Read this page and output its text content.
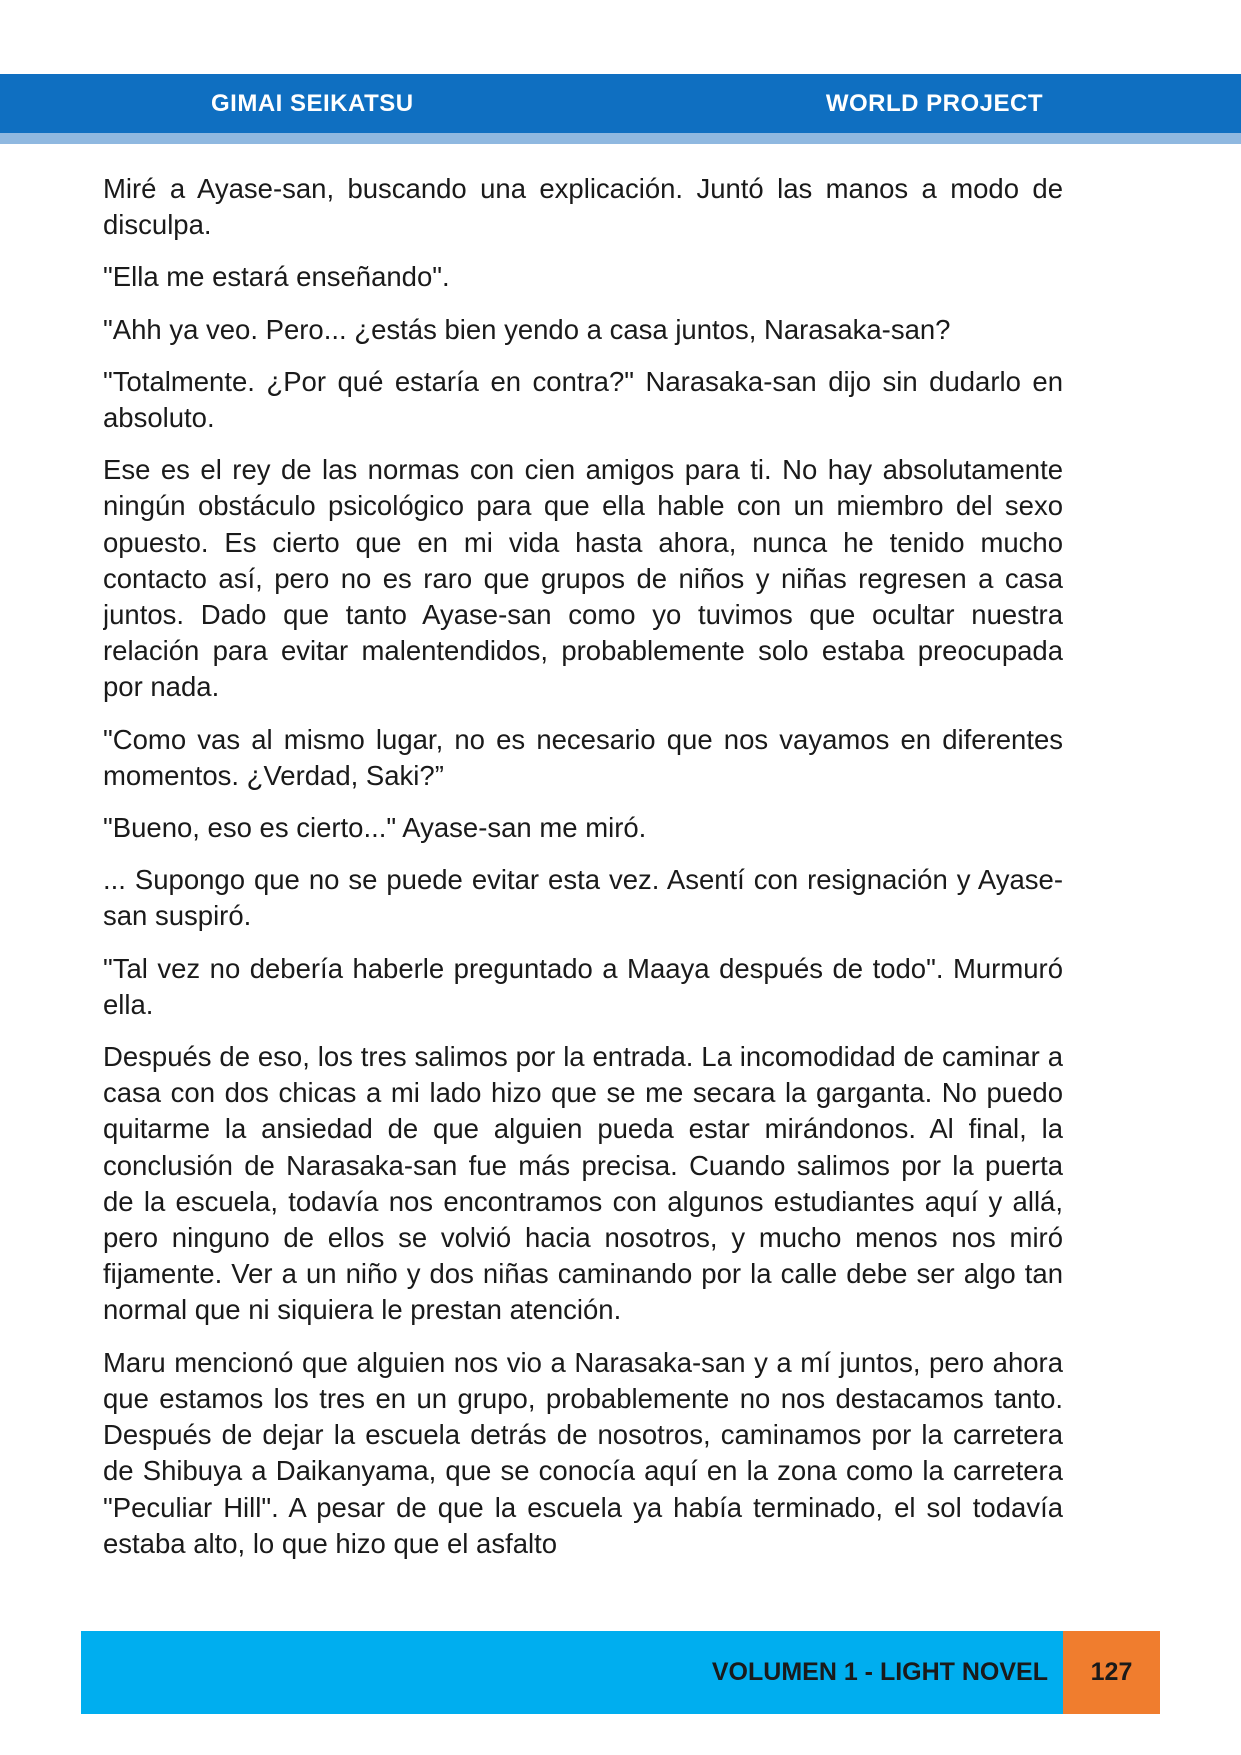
GIMAI SEIKATSU	WORLD PROJECT

Miré a Ayase-san, buscando una explicación. Juntó las manos a modo de disculpa.

"Ella me estará enseñando".

"Ahh ya veo. Pero... ¿estás bien yendo a casa juntos, Narasaka-san?

"Totalmente. ¿Por qué estaría en contra?" Narasaka-san dijo sin dudarlo en absoluto.

Ese es el rey de las normas con cien amigos para ti. No hay absolutamente ningún obstáculo psicológico para que ella hable con un miembro del sexo opuesto. Es cierto que en mi vida hasta ahora, nunca he tenido mucho contacto así, pero no es raro que grupos de niños y niñas regresen a casa juntos. Dado que tanto Ayase-san como yo tuvimos que ocultar nuestra relación para evitar malentendidos, probablemente solo estaba preocupada por nada.

"Como vas al mismo lugar, no es necesario que nos vayamos en diferentes momentos. ¿Verdad, Saki?”

"Bueno, eso es cierto..." Ayase-san me miró.

... Supongo que no se puede evitar esta vez. Asentí con resignación y Ayase-san suspiró.

"Tal vez no debería haberle preguntado a Maaya después de todo". Murmuró ella.

Después de eso, los tres salimos por la entrada. La incomodidad de caminar a casa con dos chicas a mi lado hizo que se me secara la garganta. No puedo quitarme la ansiedad de que alguien pueda estar mirándonos. Al final, la conclusión de Narasaka-san fue más precisa. Cuando salimos por la puerta de la escuela, todavía nos encontramos con algunos estudiantes aquí y allá, pero ninguno de ellos se volvió hacia nosotros, y mucho menos nos miró fijamente. Ver a un niño y dos niñas caminando por la calle debe ser algo tan normal que ni siquiera le prestan atención.

Maru mencionó que alguien nos vio a Narasaka-san y a mí juntos, pero ahora que estamos los tres en un grupo, probablemente no nos destacamos tanto. Después de dejar la escuela detrás de nosotros, caminamos por la carretera de Shibuya a Daikanyama, que se conocía aquí en la zona como la carretera "Peculiar Hill". A pesar de que la escuela ya había terminado, el sol todavía estaba alto, lo que hizo que el asfalto

VOLUMEN 1 - LIGHT NOVEL	127
